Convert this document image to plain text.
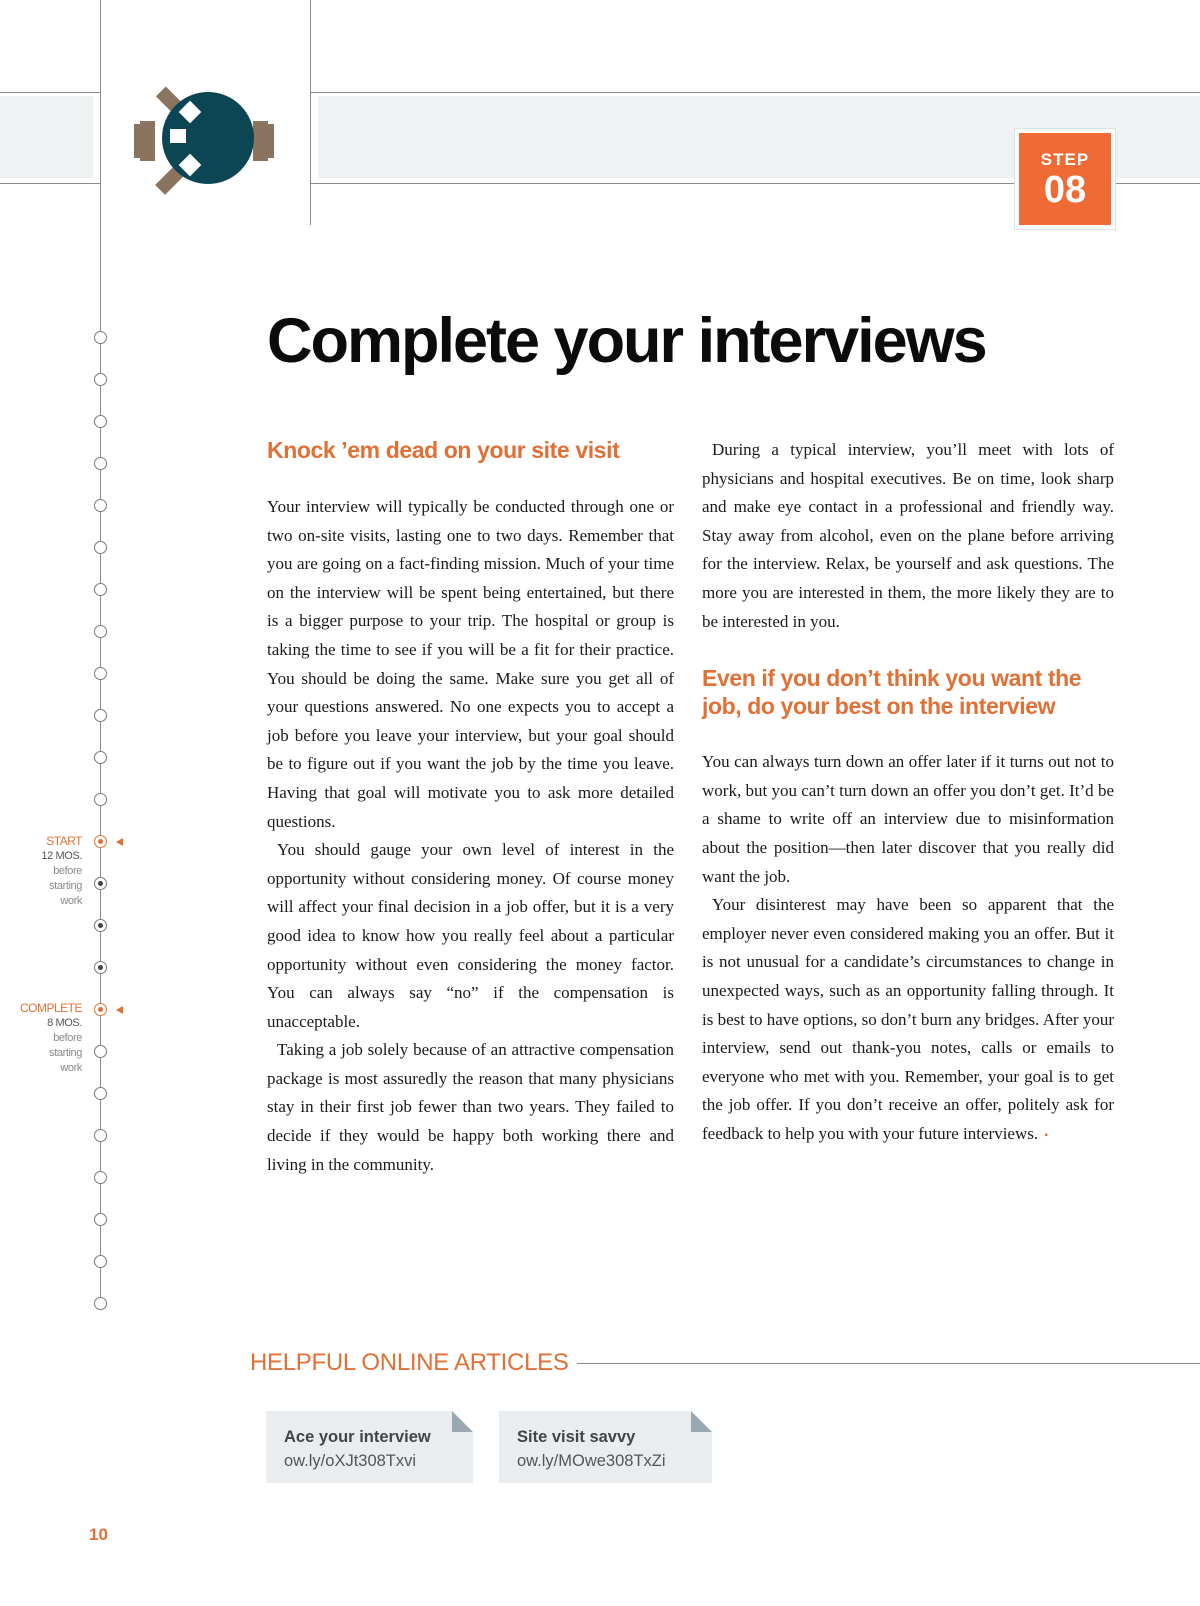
STEP
08
Complete your interviews
Knock ’em dead on your site visit

Your interview will typically be conducted through one or two on-site visits, lasting one to two days. Remember that you are going on a fact-finding mission. Much of your time on the interview will be spent being entertained, but there is a bigger purpose to your trip. The hospital or group is taking the time to see if you will be a fit for their practice. You should be doing the same. Make sure you get all of your questions answered. No one expects you to accept a job before you leave your interview, but your goal should be to figure out if you want the job by the time you leave. Having that goal will motivate you to ask more detailed questions.

You should gauge your own level of interest in the opportunity without considering money. Of course money will affect your final decision in a job offer, but it is a very good idea to know how you really feel about a particular opportunity without even considering the money factor. You can always say “no” if the compensation is unacceptable.

Taking a job solely because of an attractive compensation package is most assuredly the reason that many physicians stay in their first job fewer than two years. They failed to decide if they would be happy both working there and living in the community.

During a typical interview, you’ll meet with lots of physicians and hospital executives. Be on time, look sharp and make eye contact in a professional and friendly way. Stay away from alcohol, even on the plane before arriving for the interview. Relax, be yourself and ask questions. The more you are interested in them, the more likely they are to be interested in you.

Even if you don’t think you want the job, do your best on the interview

You can always turn down an offer later if it turns out not to work, but you can’t turn down an offer you don’t get. It’d be a shame to write off an interview due to misinformation about the position—then later discover that you really did want the job.

Your disinterest may have been so apparent that the employer never even considered making you an offer. But it is not unusual for a candidate’s circumstances to change in unexpected ways, such as an opportunity falling through. It is best to have options, so don’t burn any bridges. After your interview, send out thank-you notes, calls or emails to everyone who met with you. Remember, your goal is to get the job offer. If you don’t receive an offer, politely ask for feedback to help you with your future interviews. •

START
12 MOS.
before
starting
work
COMPLETE
8 MOS.
before
starting
work
HELPFUL ONLINE ARTICLES
Ace your interview
ow.ly/oXJt308Txvi
Site visit savvy
ow.ly/MOwe308TxZi
10
